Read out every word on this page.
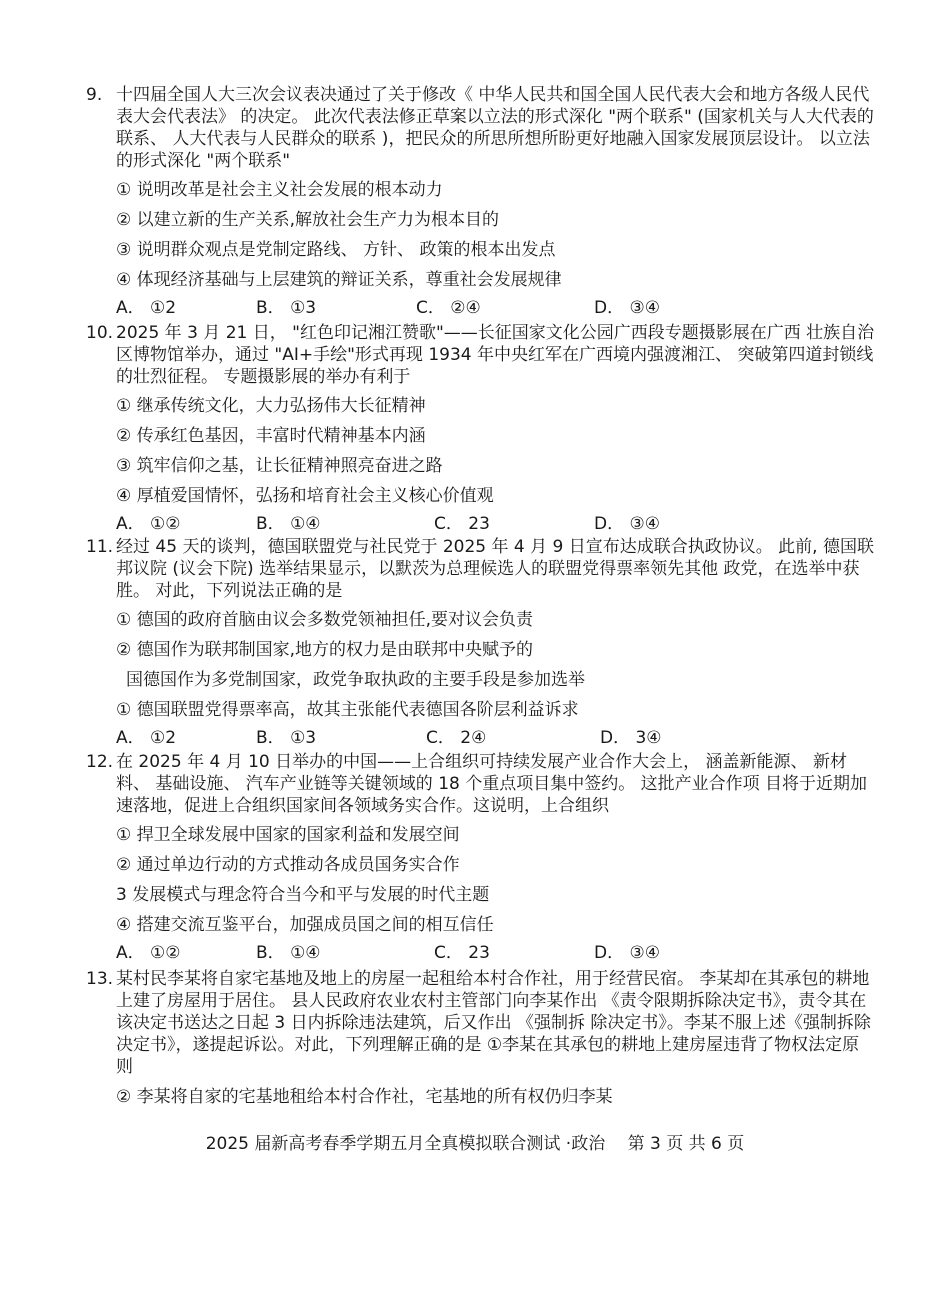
9. 十四届全国人大三次会议表决通过了关于修改《 中华人民共和国全国人民代表大会和地方各级人民代表大会代表法》 的决定。 此次代表法修正草案以立法的形式深化 "两个联系" (国家机关与人大代表的联系、 人大代表与人民群众的联系 )，把民众的所思所想所盼更好地融入国家发展顶层设计。 以立法的形式深化 "两个联系"
① 说明改革是社会主义社会发展的根本动力
② 以建立新的生产关系,解放社会生产力为根本目的
③ 说明群众观点是党制定路线、 方针、 政策的根本出发点
④ 体现经济基础与上层建筑的辩证关系，尊重社会发展规律
A． ①2	B． ①3	C． ②④	D． ③④
10. 2025 年 3 月 21 日， "红色印记湘江赞歌"——长征国家文化公园广西段专题摄影展在广西 壮族自治区博物馆举办，通过 "AI+手绘"形式再现 1934 年中央红军在广西境内强渡湘江、 突破第四道封锁线的壮烈征程。 专题摄影展的举办有利于
① 继承传统文化，大力弘扬伟大长征精神
② 传承红色基因，丰富时代精神基本内涵
③ 筑牢信仰之基，让长征精神照亮奋进之路
④ 厚植爱国情怀，弘扬和培育社会主义核心价值观
A． ①②	B． ①④	C． 23	D． ③④
11. 经过 45 天的谈判，德国联盟党与社民党于 2025 年 4 月 9 日宣布达成联合执政协议。 此前, 德国联邦议院 (议会下院) 选举结果显示，以默茨为总理候选人的联盟党得票率领先其他 政党，在选举中获胜。 对此，下列说法正确的是
① 德国的政府首脑由议会多数党领袖担任,要对议会负责
② 德国作为联邦制国家,地方的权力是由联邦中央赋予的
国德国作为多党制国家，政党争取执政的主要手段是参加选举
① 德国联盟党得票率高，故其主张能代表德国各阶层利益诉求
A． ①2	B． ①3	C． 2④	D． 3④
12. 在 2025 年 4 月 10 日举办的中国——上合组织可持续发展产业合作大会上， 涵盖新能源、 新材料、 基础设施、 汽车产业链等关键领域的 18 个重点项目集中签约。 这批产业合作项 目将于近期加速落地，促进上合组织国家间各领域务实合作。这说明，上合组织
① 捍卫全球发展中国家的国家利益和发展空间
② 通过单边行动的方式推动各成员国务实合作
3 发展模式与理念符合当今和平与发展的时代主题
④ 搭建交流互鉴平台，加强成员国之间的相互信任
A． ①②	B． ①④	C． 23	D． ③④
13. 某村民李某将自家宅基地及地上的房屋一起租给本村合作社，用于经营民宿。 李某却在其承包的耕地上建了房屋用于居住。 县人民政府农业农村主管部门向李某作出 《责令限期拆除决定书》，责令其在该决定书送达之日起 3 日内拆除违法建筑，后又作出 《强制拆 除决定书》。李某不服上述《强制拆除决定书》，遂提起诉讼。对此，下列理解正确的是 ①李某在其承包的耕地上建房屋违背了物权法定原则
② 李某将自家的宅基地租给本村合作社，宅基地的所有权仍归李某
2025 届新高考春季学期五月全真模拟联合测试 ·政治　 第 3 页 共 6 页
